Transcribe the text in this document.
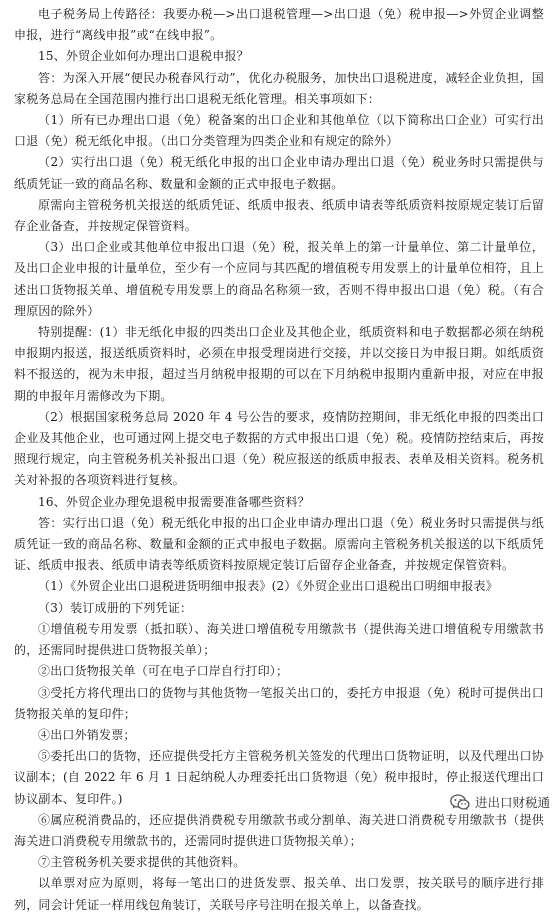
电子税务局上传路径：我要办税—>出口退税管理—>出口退（免）税申报—>外贸企业调整申报，进行“离线申报”或“在线申报”。

15、外贸企业如何办理出口退税申报？

答：为深入开展“便民办税春风行动”，优化办税服务，加快出口退税进度，减轻企业负担，国家税务总局在全国范围内推行出口退税无纸化管理。相关事项如下：

（1）所有已办理出口退（免）税备案的出口企业和其他单位（以下简称出口企业）可实行出口退（免）税无纸化申报。（出口分类管理为四类企业和有规定的除外）

（2）实行出口退（免）税无纸化申报的出口企业申请办理出口退（免）税业务时只需提供与纸质凭证一致的商品名称、数量和金额的正式申报电子数据。

原需向主管税务机关报送的纸质凭证、纸质申报表、纸质申请表等纸质资料按原规定装订后留存企业备查，并按规定保管资料。

（3）出口企业或其他单位申报出口退（免）税，报关单上的第一计量单位、第二计量单位，及出口企业申报的计量单位，至少有一个应同与其匹配的增值税专用发票上的计量单位相符，且上述出口货物报关单、增值税专用发票上的商品名称须一致，否则不得申报出口退（免）税。（有合理原因的除外）

特别提醒：(1）非无纸化申报的四类出口企业及其他企业，纸质资料和电子数据都必须在纳税申报期内报送，报送纸质资料时，必须在申报受理岗进行交接，并以交接日为申报日期。如纸质资料不报送的，视为未申报，超过当月纳税申报期的可以在下月纳税申报期内重新申报，对应在申报期的申报年月需修改为下期。

（2）根据国家税务总局 2020 年 4 号公告的要求，疫情防控期间，非无纸化申报的四类出口企业及其他企业，也可通过网上提交电子数据的方式申报出口退（免）税。疫情防控结束后，再按照现行规定，向主管税务机关补报出口退（免）税应报送的纸质申报表、表单及相关资料。税务机关对补报的各项资料进行复核。

16、外贸企业办理免退税申报需要准备哪些资料？

答：实行出口退（免）税无纸化申报的出口企业申请办理出口退（免）税业务时只需提供与纸质凭证一致的商品名称、数量和金额的正式申报电子数据。原需向主管税务机关报送的以下纸质凭证、纸质申报表、纸质申请表等纸质资料按原规定装订后留存企业备查，并按规定保管资料。

（1）《外贸企业出口退税进货明细申报表》(2）《外贸企业出口退税出口明细申报表》

（3）装订成册的下列凭证：

①增值税专用发票（抵扣联）、海关进口增值税专用缴款书（提供海关进口增值税专用缴款书的，还需同时提供进口货物报关单）；

②出口货物报关单（可在电子口岸自行打印）；

③受托方将代理出口的货物与其他货物一笔报关出口的，委托方申报退（免）税时可提供出口货物报关单的复印件；

④出口外销发票；

⑤委托出口的货物，还应提供受托方主管税务机关签发的代理出口货物证明，以及代理出口协议副本；(自 2022 年 6 月 1 日起纳税人办理委托出口货物退（免）税申报时，停止报送代理出口协议副本、复印件。)

⑥属应税消费品的，还应提供消费税专用缴款书或分割单、海关进口消费税专用缴款书（提供海关进口消费税专用缴款书的，还需同时提供进口货物报关单）；

⑦主管税务机关要求提供的其他资料。

以单票对应为原则，将每一笔出口的进货发票、报关单、出口发票，按关联号的顺序进行排列，同会计凭证一样用线包角装订，关联号序号注明在报关单上，以备查找。

进出口财税通
